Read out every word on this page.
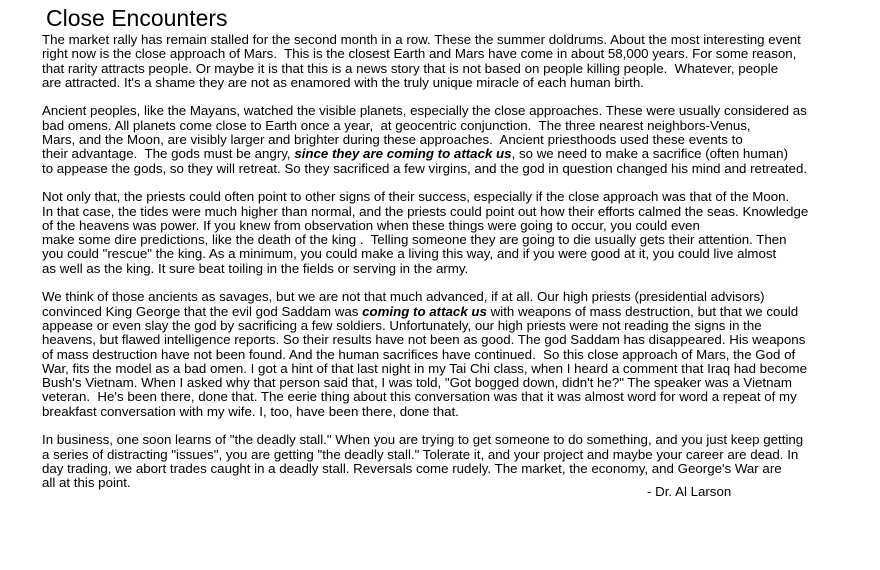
Close Encounters
The market rally has remain stalled for the second month in a row. These the summer doldrums. About the most interesting event
right now is the close approach of Mars.  This is the closest Earth and Mars have come in about 58,000 years. For some reason,
that rarity attracts people. Or maybe it is that this is a news story that is not based on people killing people.  Whatever, people
are attracted. It's a shame they are not as enamored with the truly unique miracle of each human birth.
Ancient peoples, like the Mayans, watched the visible planets, especially the close approaches. These were usually considered as
bad omens. All planets come close to Earth once a year,  at geocentric conjunction.  The three nearest neighbors-Venus,
Mars, and the Moon, are visibly larger and brighter during these approaches.  Ancient priesthoods used these events to
their advantage.  The gods must be angry, since they are coming to attack us, so we need to make a sacrifice (often human)
to appease the gods, so they will retreat. So they sacrificed a few virgins, and the god in question changed his mind and retreated.
Not only that, the priests could often point to other signs of their success, especially if the close approach was that of the Moon.
In that case, the tides were much higher than normal, and the priests could point out how their efforts calmed the seas. Knowledge
of the heavens was power. If you knew from observation when these things were going to occur, you could even
make some dire predictions, like the death of the king .  Telling someone they are going to die usually gets their attention. Then
you could "rescue" the king. As a minimum, you could make a living this way, and if you were good at it, you could live almost
as well as the king. It sure beat toiling in the fields or serving in the army.
We think of those ancients as savages, but we are not that much advanced, if at all. Our high priests (presidential advisors)
convinced King George that the evil god Saddam was coming to attack us with weapons of mass destruction, but that we could
appease or even slay the god by sacrificing a few soldiers. Unfortunately, our high priests were not reading the signs in the
heavens, but flawed intelligence reports. So their results have not been as good. The god Saddam has disappeared. His weapons
of mass destruction have not been found. And the human sacrifices have continued.  So this close approach of Mars, the God of
War, fits the model as a bad omen. I got a hint of that last night in my Tai Chi class, when I heard a comment that Iraq had become
Bush's Vietnam. When I asked why that person said that, I was told, "Got bogged down, didn't he?" The speaker was a Vietnam
veteran.  He's been there, done that. The eerie thing about this conversation was that it was almost word for word a repeat of my
breakfast conversation with my wife. I, too, have been there, done that.
In business, one soon learns of "the deadly stall." When you are trying to get someone to do something, and you just keep getting
a series of distracting "issues", you are getting "the deadly stall." Tolerate it, and your project and maybe your career are dead. In
day trading, we abort trades caught in a deadly stall. Reversals come rudely. The market, the economy, and George's War are
all at this point.
- Dr. Al Larson
